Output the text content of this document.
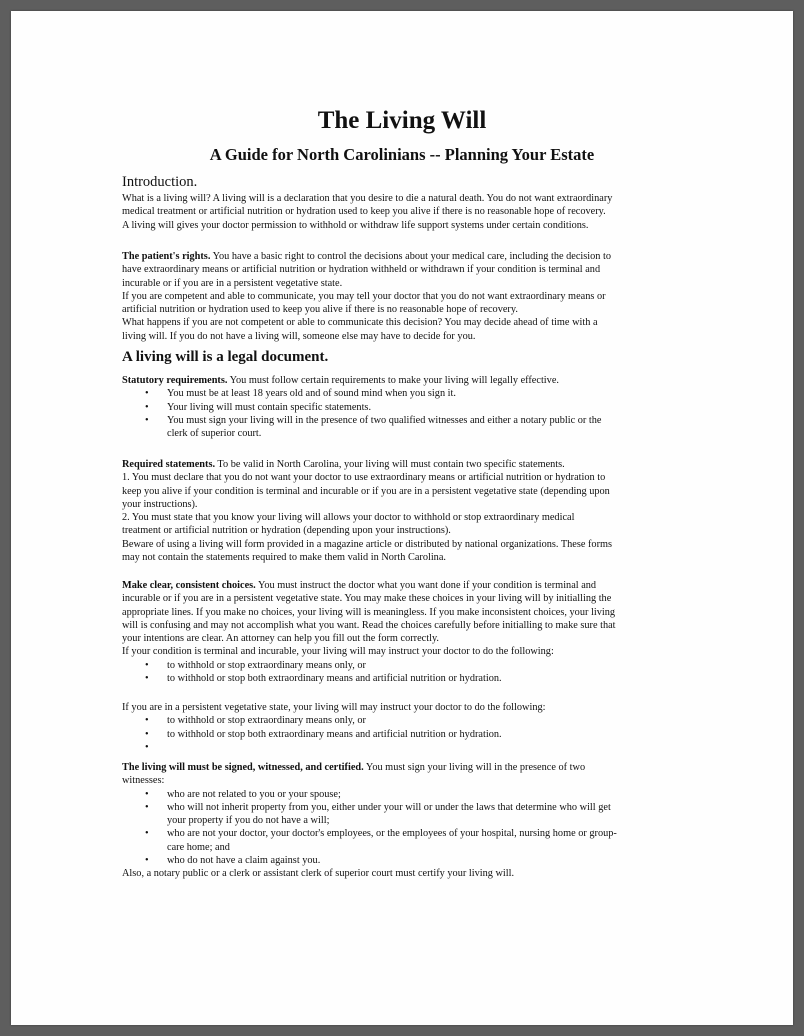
The Living Will
A Guide for North Carolinians -- Planning Your Estate
Introduction.

What is a living will? A living will is a declaration that you desire to die a natural death. You do not want extraordinary

medical treatment or artificial nutrition or hydration used to keep you alive if there is no reasonable hope of recovery.

A living will gives your doctor permission to withhold or withdraw life support systems under certain conditions.

The patient's rights. You have a basic right to control the decisions about your medical care, including the decision to

have extraordinary means or artificial nutrition or hydration withheld or withdrawn if your condition is terminal and

incurable or if you are in a persistent vegetative state.

If you are competent and able to communicate, you may tell your doctor that you do not want extraordinary means or

artificial nutrition or hydration used to keep you alive if there is no reasonable hope of recovery.

What happens if you are not competent or able to communicate this decision? You may decide ahead of time with a

living will. If you do not have a living will, someone else may have to decide for you.

A living will is a legal document.

Statutory requirements. You must follow certain requirements to make your living will legally effective.

• You must be at least 18 years old and of sound mind when you sign it.
• Your living will must contain specific statements.
• You must sign your living will in the presence of two qualified witnesses and either a notary public or the
clerk of superior court.

Required statements. To be valid in North Carolina, your living will must contain two specific statements.

1. You must declare that you do not want your doctor to use extraordinary means or artificial nutrition or hydration to

keep you alive if your condition is terminal and incurable or if you are in a persistent vegetative state (depending upon

your instructions).

2. You must state that you know your living will allows your doctor to withhold or stop extraordinary medical

treatment or artificial nutrition or hydration (depending upon your instructions).

Beware of using a living will form provided in a magazine article or distributed by national organizations. These forms

may not contain the statements required to make them valid in North Carolina.

Make clear, consistent choices. You must instruct the doctor what you want done if your condition is terminal and

incurable or if you are in a persistent vegetative state. You may make these choices in your living will by initialling the

appropriate lines. If you make no choices, your living will is meaningless. If you make inconsistent choices, your living

will is confusing and may not accomplish what you want. Read the choices carefully before initialling to make sure that

your intentions are clear. An attorney can help you fill out the form correctly.

If your condition is terminal and incurable, your living will may instruct your doctor to do the following:

• to withhold or stop extraordinary means only, or
• to withhold or stop both extraordinary means and artificial nutrition or hydration.

If you are in a persistent vegetative state, your living will may instruct your doctor to do the following:

• to withhold or stop extraordinary means only, or
• to withhold or stop both extraordinary means and artificial nutrition or hydration.
•

The living will must be signed, witnessed, and certified. You must sign your living will in the presence of two

witnesses:

• who are not related to you or your spouse;
• who will not inherit property from you, either under your will or under the laws that determine who will get
your property if you do not have a will;
• who are not your doctor, your doctor's employees, or the employees of your hospital, nursing home or group-
care home; and
• who do not have a claim against you.

Also, a notary public or a clerk or assistant clerk of superior court must certify your living will.
